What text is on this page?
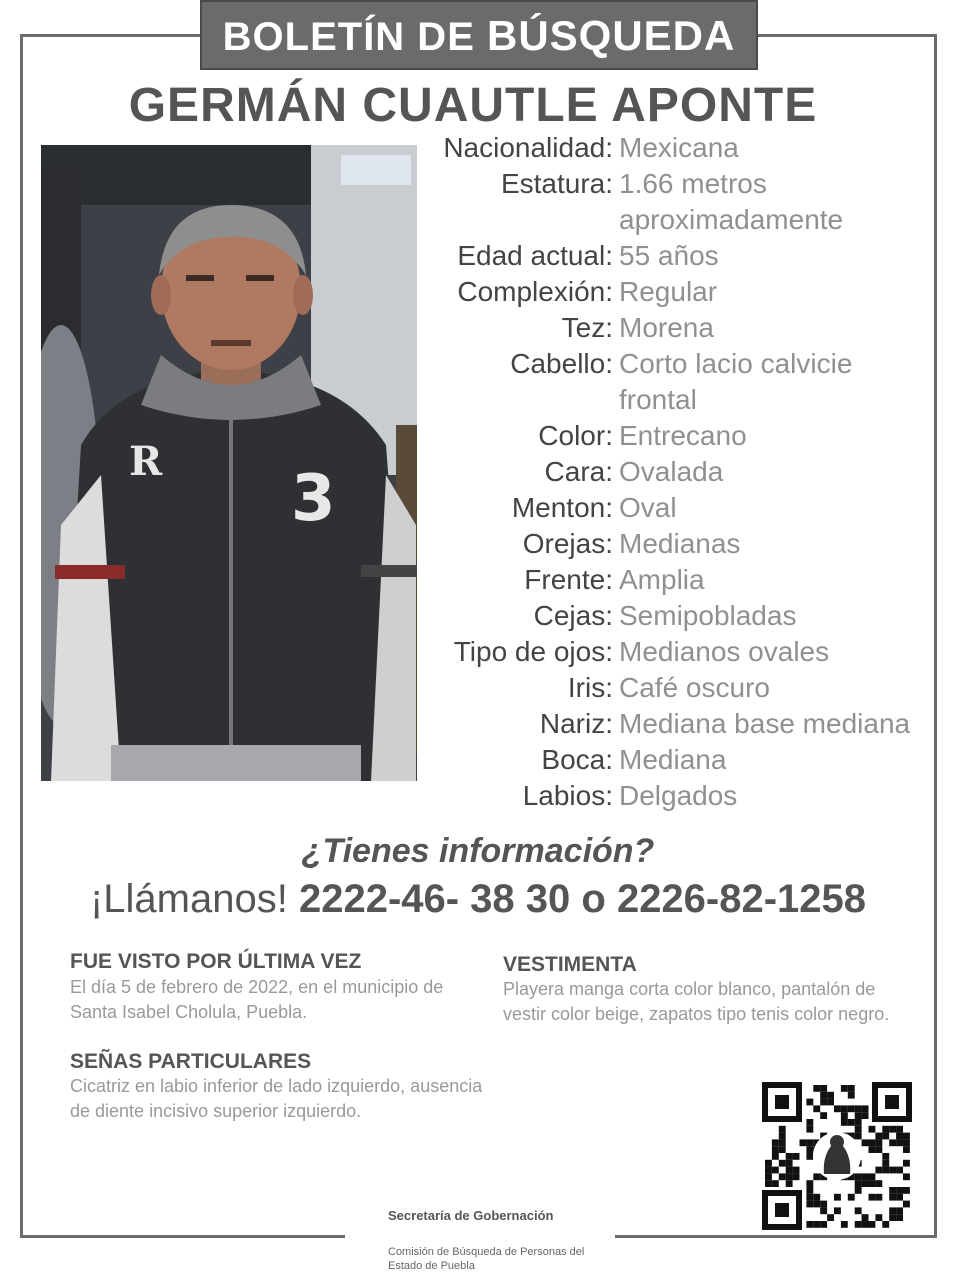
BOLETÍN DE BÚSQUEDA
GERMÁN CUAUTLE APONTE
R
3
Nacionalidad: Mexicana
Estatura: 1.66 metros
aproximadamente
Edad actual: 55 años
Complexión: Regular
Tez: Morena
Cabello: Corto lacio calvicie
frontal
Color: Entrecano
Cara: Ovalada
Menton: Oval
Orejas: Medianas
Frente: Amplia
Cejas: Semipobladas
Tipo de ojos: Medianos ovales
Iris: Café oscuro
Nariz: Mediana base mediana
Boca: Mediana
Labios: Delgados
¿Tienes información?
¡Llámanos! 2222-46- 38 30 o 2226-82-1258
FUE VISTO POR ÚLTIMA VEZ
El día 5 de febrero de 2022, en el municipio de Santa Isabel Cholula, Puebla.
VESTIMENTA
Playera manga corta color blanco, pantalón de vestir color beige, zapatos tipo tenis color negro.
SEÑAS PARTICULARES
Cicatriz en labio inferior de lado izquierdo, ausencia de diente incisivo superior izquierdo.
Secretaría de Gobernación
Comisión de Búsqueda de Personas del Estado de Puebla
